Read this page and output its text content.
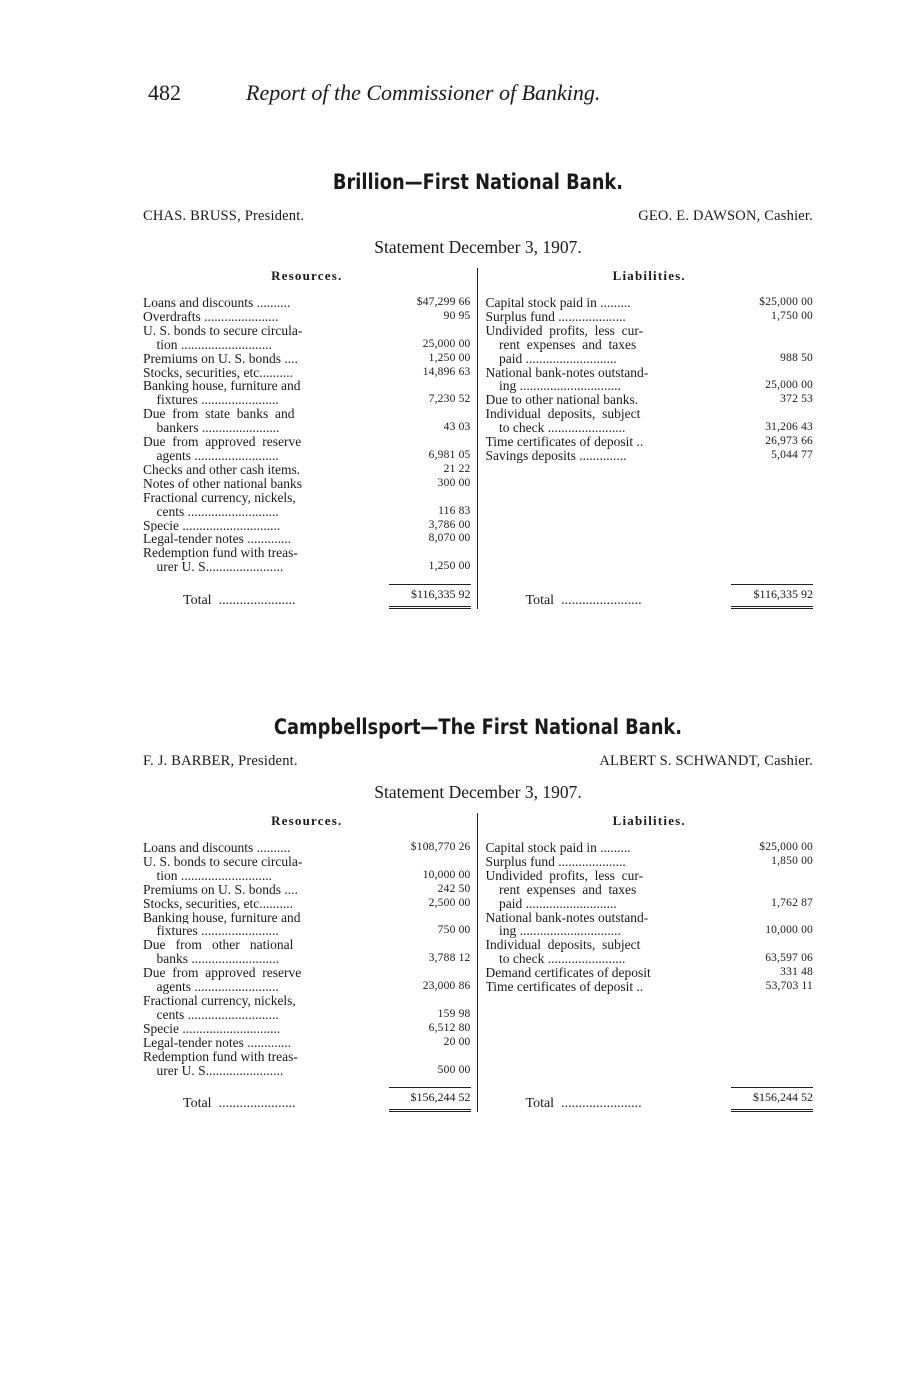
482	Report of the Commissioner of Banking.
Brillion—First National Bank.
CHAS. BRUSS, President.	GEO. E. DAWSON, Cashier.
Statement December 3, 1907.
Resources.
Loans and discounts ..........	$47,299 66
Overdrafts ......................	90 95
U. S. bonds to secure circula-
tion ...........................	25,000 00
Premiums on U. S. bonds ....	1,250 00
Stocks, securities, etc..........	14,896 63
Banking house, furniture and
fixtures .......................	7,230 52
Due  from  state  banks  and
bankers .......................	43 03
Due  from  approved  reserve
agents .........................	6,981 05
Checks and other cash items.	21 22
Notes of other national banks	300 00
Fractional currency, nickels,
cents ...........................	116 83
Specie .............................	3,786 00
Legal-tender notes .............	8,070 00
Redemption fund with treas-
urer U. S.......................	1,250 00
Total  ......................	$116,335 92
Liabilities.
Capital stock paid in .........	$25,000 00
Surplus fund ....................	1,750 00
Undivided  profits,  less  cur-
rent  expenses  and  taxes
paid ...........................	988 50
National bank-notes outstand-
ing ..............................	25,000 00
Due to other national banks.	372 53
Individual  deposits,  subject
to check .......................	31,206 43
Time certificates of deposit ..	26,973 66
Savings deposits ..............	5,044 77
Total  .......................	$116,335 92
Campbellsport—The First National Bank.
F. J. BARBER, President.	ALBERT S. SCHWANDT, Cashier.
Statement December 3, 1907.
Resources.
Loans and discounts ..........	$108,770 26
U. S. bonds to secure circula-
tion ...........................	10,000 00
Premiums on U. S. bonds ....	242 50
Stocks, securities, etc..........	2,500 00
Banking house, furniture and
fixtures .......................	750 00
Due   from   other   national
banks ..........................	3,788 12
Due  from  approved  reserve
agents .........................	23,000 86
Fractional currency, nickels,
cents ...........................	159 98
Specie .............................	6,512 80
Legal-tender notes .............	20 00
Redemption fund with treas-
urer U. S.......................	500 00
Total  ......................	$156,244 52
Liabilities.
Capital stock paid in .........	$25,000 00
Surplus fund ....................	1,850 00
Undivided  profits,  less  cur-
rent  expenses  and  taxes
paid ...........................	1,762 87
National bank-notes outstand-
ing ..............................	10,000 00
Individual  deposits,  subject
to check .......................	63,597 06
Demand certificates of deposit	331 48
Time certificates of deposit ..	53,703 11
Total  .......................	$156,244 52
